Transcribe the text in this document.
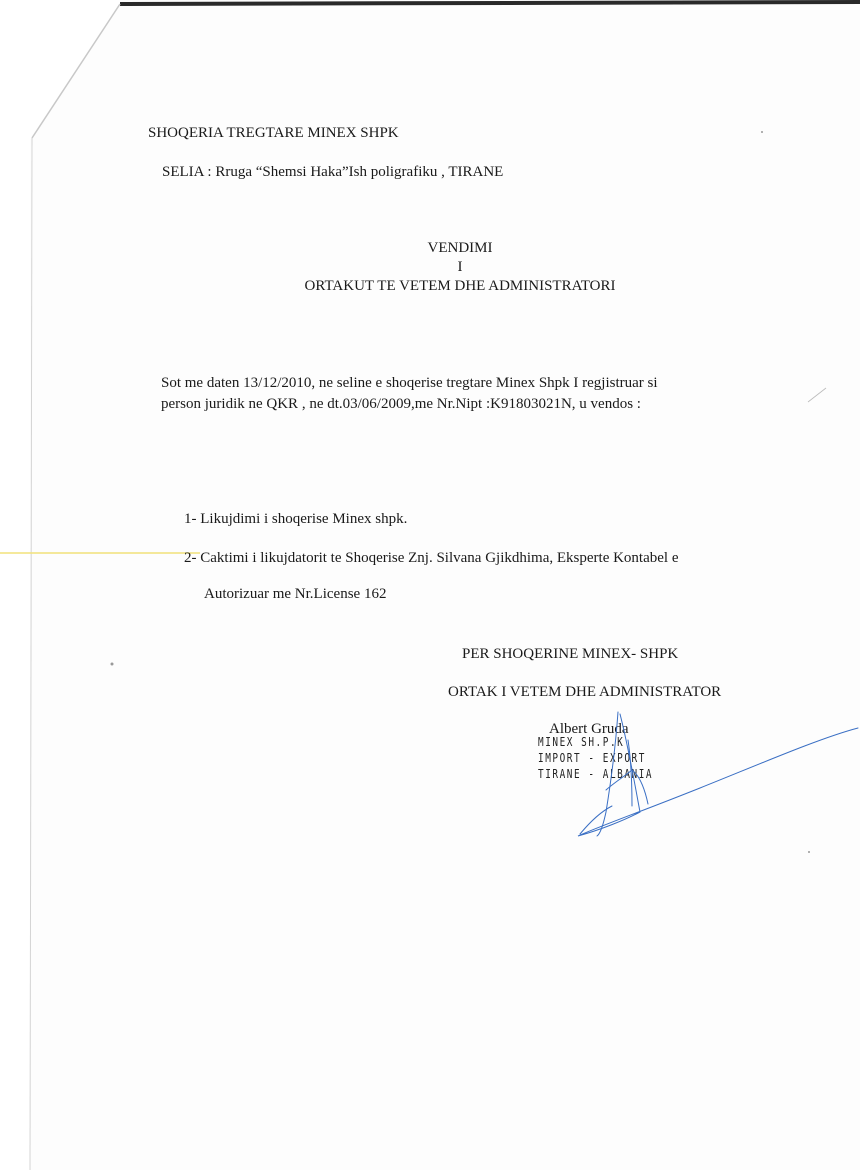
SHOQERIA TREGTARE MINEX SHPK
SELIA : Rruga “Shemsi Haka”Ish poligrafiku , TIRANE
VENDIMI
I
ORTAKUT TE VETEM DHE ADMINISTRATORI
Sot me daten 13/12/2010, ne seline e shoqerise tregtare Minex Shpk I regjistruar si
person juridik ne QKR , ne dt.03/06/2009,me Nr.Nipt :K91803021N, u vendos :
1- Likujdimi i shoqerise Minex shpk.
2- Caktimi i likujdatorit te Shoqerise Znj. Silvana Gjikdhima, Eksperte Kontabel e
Autorizuar me Nr.License 162
PER SHOQERINE MINEX- SHPK
ORTAK I VETEM DHE ADMINISTRATOR
Albert Gruda
MINEX SH.P.K
IMPORT - EXPORT
TIRANE - ALBANIA
